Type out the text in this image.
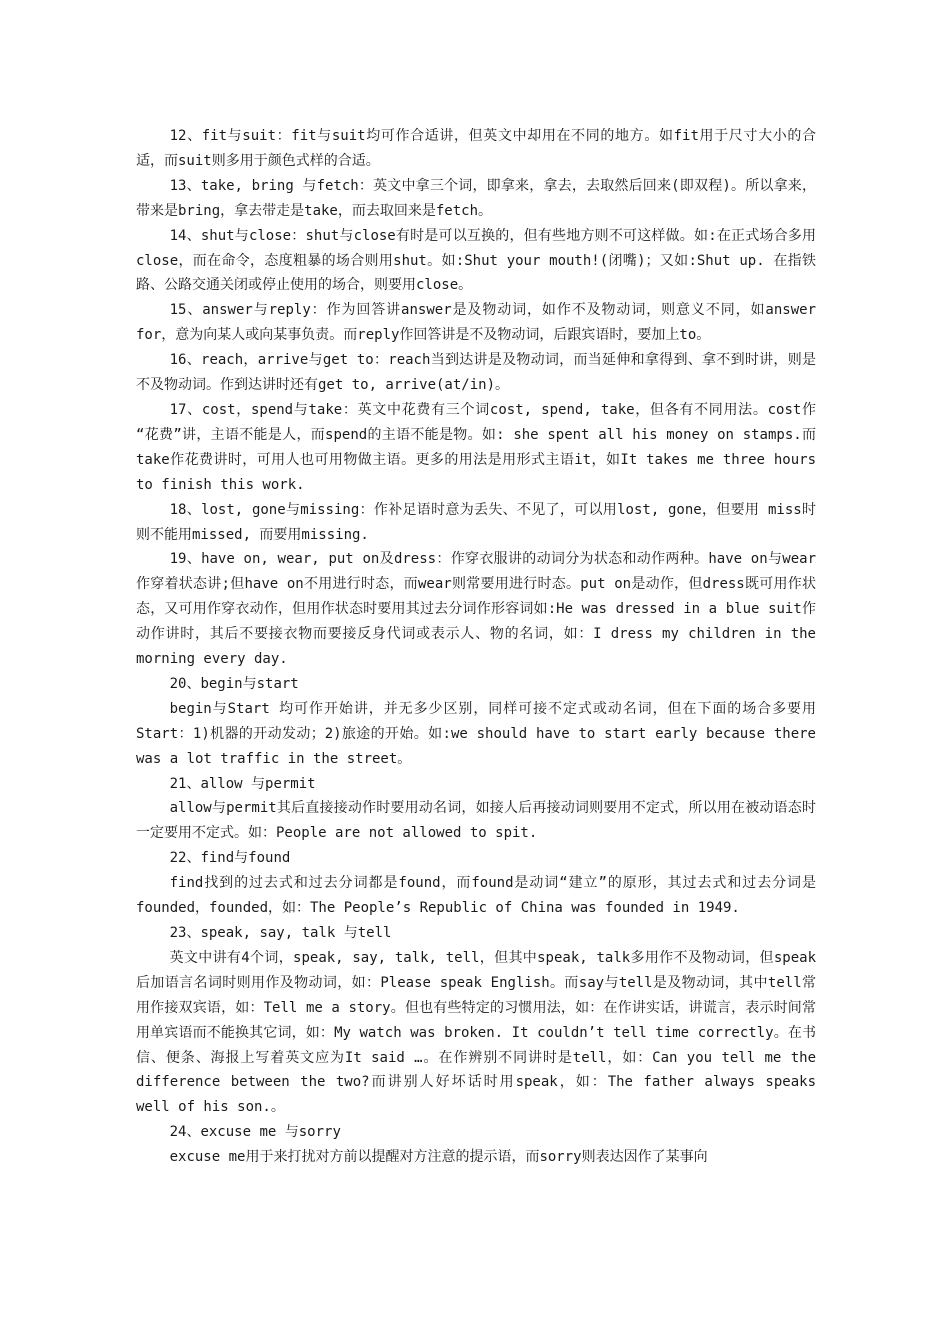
12、fit与suit：fit与suit均可作合适讲，但英文中却用在不同的地方。如fit用于尺寸大小的合适，而suit则多用于颜色式样的合适。

13、take, bring 与fetch：英文中拿三个词，即拿来，拿去，去取然后回来(即双程)。所以拿来，带来是bring，拿去带走是take，而去取回来是fetch。

14、shut与close：shut与close有时是可以互换的，但有些地方则不可这样做。如:在正式场合多用close，而在命令，态度粗暴的场合则用shut。如:Shut your mouth!(闭嘴)；又如:Shut up. 在指铁路、公路交通关闭或停止使用的场合，则要用close。

15、answer与reply：作为回答讲answer是及物动词，如作不及物动词，则意义不同，如answer for，意为向某人或向某事负责。而reply作回答讲是不及物动词，后跟宾语时，要加上to。

16、reach，arrive与get to：reach当到达讲是及物动词，而当延伸和拿得到、拿不到时讲，则是不及物动词。作到达讲时还有get to, arrive(at/in)。

17、cost，spend与take：英文中花费有三个词cost, spend, take，但各有不同用法。cost作 “花费”讲，主语不能是人，而spend的主语不能是物。如: she spent all his money on stamps.而take作花费讲时，可用人也可用物做主语。更多的用法是用形式主语it，如It takes me three hours to finish this work.

18、lost, gone与missing：作补足语时意为丢失、不见了，可以用lost, gone，但要用 miss时则不能用missed, 而要用missing.

19、have on, wear, put on及dress：作穿衣服讲的动词分为状态和动作两种。have on与wear作穿着状态讲;但have on不用进行时态，而wear则常要用进行时态。put on是动作，但dress既可用作状态，又可用作穿衣动作，但用作状态时要用其过去分词作形容词如:He was dressed in a blue suit作动作讲时，其后不要接衣物而要接反身代词或表示人、物的名词，如：I dress my children in the morning every day.

20、begin与start

begin与Start 均可作开始讲，并无多少区别，同样可接不定式或动名词，但在下面的场合多要用Start：1)机器的开动发动；2)旅途的开始。如:we should have to start early because there was a lot traffic in the street。

21、allow 与permit

allow与permit其后直接接动作时要用动名词，如接人后再接动词则要用不定式，所以用在被动语态时一定要用不定式。如：People are not allowed to spit.

22、find与found

find找到的过去式和过去分词都是found，而found是动词“建立”的原形，其过去式和过去分词是founded，founded，如：The People’s Republic of China was founded in 1949.

23、speak, say, talk 与tell

英文中讲有4个词，speak, say, talk, tell，但其中speak, talk多用作不及物动词，但speak后加语言名词时则用作及物动词，如：Please speak English。而say与tell是及物动词，其中tell常用作接双宾语，如：Tell me a story。但也有些特定的习惯用法，如：在作讲实话，讲谎言，表示时间常用单宾语而不能换其它词，如：My watch was broken. It couldn’t tell time correctly。在书信、便条、海报上写着英文应为It said …。在作辨别不同讲时是tell，如：Can you tell me the difference between the two?而讲别人好坏话时用speak，如：The father always speaks well of his son.。

24、excuse me 与sorry

excuse me用于来打扰对方前以提醒对方注意的提示语，而sorry则表达因作了某事向
